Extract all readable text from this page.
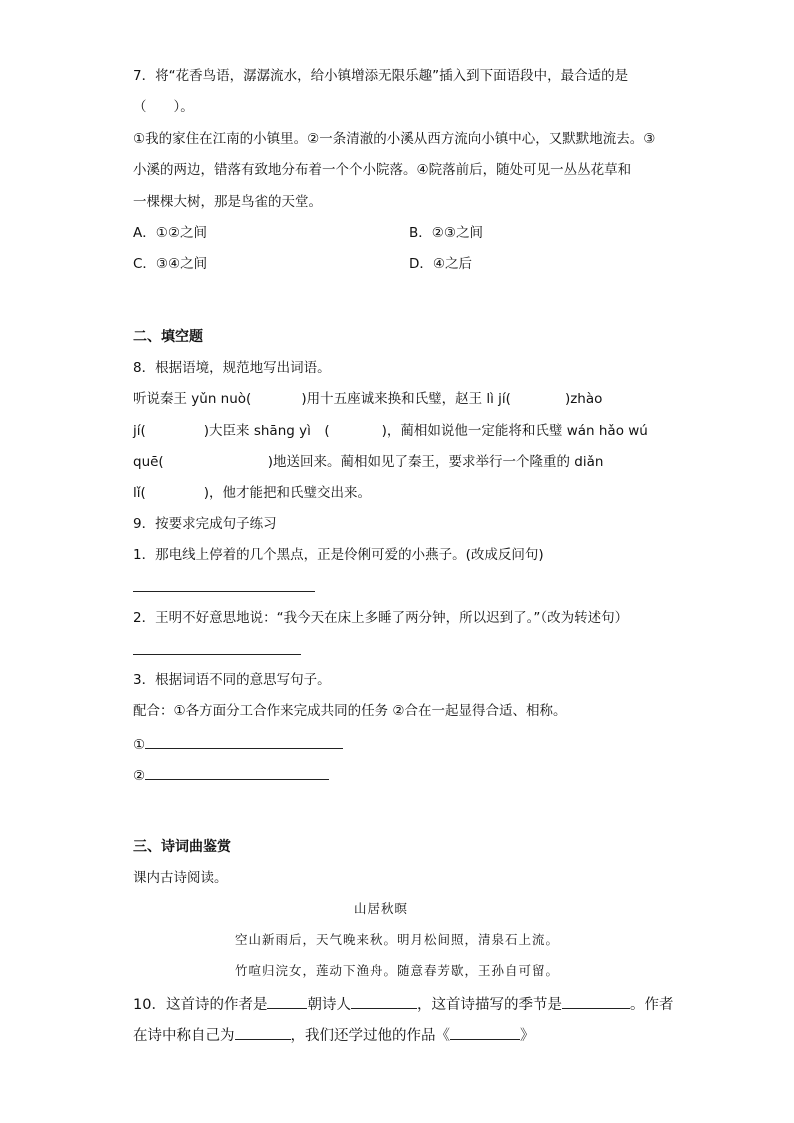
7．将“花香鸟语，潺潺流水，给小镇增添无限乐趣”插入到下面语段中，最合适的是
（　　）。
①我的家住在江南的小镇里。②一条清澈的小溪从西方流向小镇中心，又默默地流去。③
小溪的两边，错落有致地分布着一个个小院落。④院落前后，随处可见一丛丛花草和
一棵棵大树，那是鸟雀的天堂。
A．①②之间	B．②③之间
C．③④之间	D．④之后
二、填空题
8．根据语境，规范地写出词语。
听说秦王 yǔn nuò(	)用十五座诚来换和氏璧，赵王 lì jí(	)zhào
jí(	)大臣来 shāng yì　(	)，蔺相如说他一定能将和氏璧 wán hǎo wú
quē(	)地送回来。蔺相如见了秦王，要求举行一个隆重的 diǎn
lǐ(	)，他才能把和氏璧交出来。
9．按要求完成句子练习
1．那电线上停着的几个黑点，正是伶俐可爱的小燕子。(改成反问句)
2．王明不好意思地说：“我今天在床上多睡了两分钟，所以迟到了。”（改为转述句）
3．根据词语不同的意思写句子。
配合：①各方面分工合作来完成共同的任务 ②合在一起显得合适、相称。
①
②
三、诗词曲鉴赏
课内古诗阅读。
山居秋暝
空山新雨后，天气晚来秋。明月松间照，清泉石上流。
竹喧归浣女，莲动下渔舟。随意春芳歇，王孙自可留。
10．这首诗的作者是	朝诗人	，这首诗描写的季节是	。作者
在诗中称自己为	，我们还学过他的作品《	》
